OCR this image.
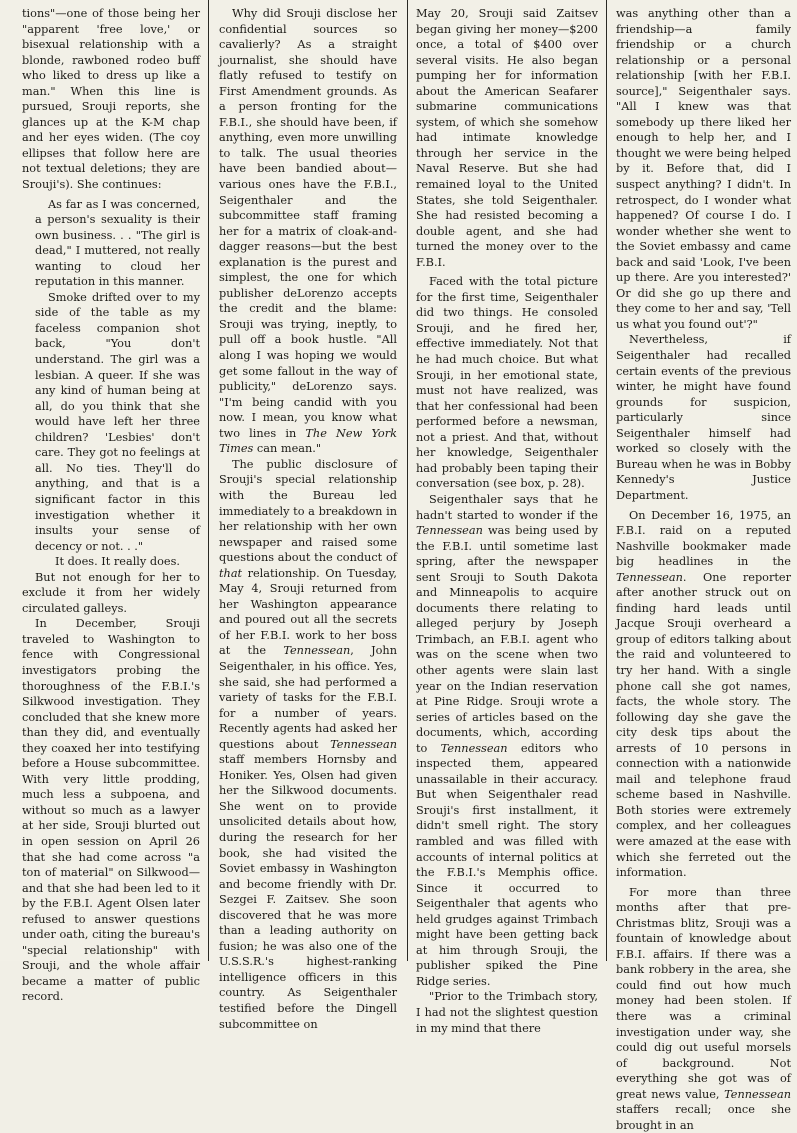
tions"—one of those being her "apparent 'free love,' or bisexual relationship with a blonde, rawboned rodeo buff who liked to dress up like a man." When this line is pursued, Srouji reports, she glances up at the K-M chap and her eyes widen. (The coy ellipses that follow here are not textual deletions; they are Srouji's). She continues:

As far as I was concerned, a person's sexuality is their own business. . . "The girl is dead," I muttered, not really wanting to cloud her reputation in this manner.

Smoke drifted over to my side of the table as my faceless companion shot back, "You don't understand. The girl was a lesbian. A queer. If she was any kind of human being at all, do you think that she would have left her three children? 'Lesbies' don't care. They got no feelings at all. No ties. They'll do anything, and that is a significant factor in this investigation whether it insults your sense of decency or not. . ."

It does. It really does.

But not enough for her to exclude it from her widely circulated galleys.

In December, Srouji traveled to Washington to fence with Congressional investigators probing the thoroughness of the F.B.I.'s Silkwood investigation. They concluded that she knew more than they did, and eventually they coaxed her into testifying before a House subcommittee. With very little prodding, much less a subpoena, and without so much as a lawyer at her side, Srouji blurted out in open session on April 26 that she had come across "a ton of material" on Silkwood—and that she had been led to it by the F.B.I. Agent Olsen later refused to answer questions under oath, citing the bureau's "special relationship" with Srouji, and the whole affair became a matter of public record.

Why did Srouji disclose her confidential sources so cavalierly? As a straight journalist, she should have flatly refused to testify on First Amendment grounds. As a person fronting for the F.B.I., she should have been, if anything, even more unwilling to talk. The usual theories have been bandied about—various ones have the F.B.I., Seigenthaler and the subcommittee staff framing her for a matrix of cloak-and-dagger reasons—but the best explanation is the purest and simplest, the one for which publisher deLorenzo accepts the credit and the blame: Srouji was trying, ineptly, to pull off a book hustle. "All along I was hoping we would get some fallout in the way of publicity," deLorenzo says. "I'm being candid with you now. I mean, you know what two lines in The New York Times can mean."

The public disclosure of Srouji's special relationship with the Bureau led immediately to a breakdown in her relationship with her own newspaper and raised some questions about the conduct of that relationship. On Tuesday, May 4, Srouji returned from her Washington appearance and poured out all the secrets of her F.B.I. work to her boss at the Tennessean, John Seigenthaler, in his office. Yes, she said, she had performed a variety of tasks for the F.B.I. for a number of years. Recently agents had asked her questions about Tennessean staff members Hornsby and Honiker. Yes, Olsen had given her the Silkwood documents. She went on to provide unsolicited details about how, during the research for her book, she had visited the Soviet embassy in Washington and become friendly with Dr. Sezgei F. Zaitsev. She soon discovered that he was more than a leading authority on fusion; he was also one of the U.S.S.R.'s highest-ranking intelligence officers in this country. As Seigenthaler testified before the Dingell subcommittee on

May 20, Srouji said Zaitsev began giving her money—$200 once, a total of $400 over several visits. He also began pumping her for information about the American Seafarer submarine communications system, of which she somehow had intimate knowledge through her service in the Naval Reserve. But she had remained loyal to the United States, she told Seigenthaler. She had resisted becoming a double agent, and she had turned the money over to the F.B.I.

Faced with the total picture for the first time, Seigenthaler did two things. He consoled Srouji, and he fired her, effective immediately. Not that he had much choice. But what Srouji, in her emotional state, must not have realized, was that her confessional had been performed before a newsman, not a priest. And that, without her knowledge, Seigenthaler had probably been taping their conversation (see box, p. 28).

Seigenthaler says that he hadn't started to wonder if the Tennessean was being used by the F.B.I. until sometime last spring, after the newspaper sent Srouji to South Dakota and Minneapolis to acquire documents there relating to alleged perjury by Joseph Trimbach, an F.B.I. agent who was on the scene when two other agents were slain last year on the Indian reservation at Pine Ridge. Srouji wrote a series of articles based on the documents, which, according to Tennessean editors who inspected them, appeared unassailable in their accuracy. But when Seigenthaler read Srouji's first installment, it didn't smell right. The story rambled and was filled with accounts of internal politics at the F.B.I.'s Memphis office. Since it occurred to Seigenthaler that agents who held grudges against Trimbach might have been getting back at him through Srouji, the publisher spiked the Pine Ridge series.

"Prior to the Trimbach story, I had not the slightest question in my mind that there

was anything other than a friendship—a family friendship or a church relationship or a personal relationship [with her F.B.I. source]," Seigenthaler says. "All I knew was that somebody up there liked her enough to help her, and I thought we were being helped by it. Before that, did I suspect anything? I didn't. In retrospect, do I wonder what happened? Of course I do. I wonder whether she went to the Soviet embassy and came back and said 'Look, I've been up there. Are you interested?' Or did she go up there and they come to her and say, 'Tell us what you found out'?"

Nevertheless, if Seigenthaler had recalled certain events of the previous winter, he might have found grounds for suspicion, particularly since Seigenthaler himself had worked so closely with the Bureau when he was in Bobby Kennedy's Justice Department.

On December 16, 1975, an F.B.I. raid on a reputed Nashville bookmaker made big headlines in the Tennessean. One reporter after another struck out on finding hard leads until Jacque Srouji overheard a group of editors talking about the raid and volunteered to try her hand. With a single phone call she got names, facts, the whole story. The following day she gave the city desk tips about the arrests of 10 persons in connection with a nationwide mail and telephone fraud scheme based in Nashville. Both stories were extremely complex, and her colleagues were amazed at the ease with which she ferreted out the information.

For more than three months after that pre-Christmas blitz, Srouji was a fountain of knowledge about F.B.I. affairs. If there was a bank robbery in the area, she could find out how much money had been stolen. If there was a criminal investigation under way, she could dig out useful morsels of background. Not everything she got was of great news value, Tennessean staffers recall; once she brought in an
